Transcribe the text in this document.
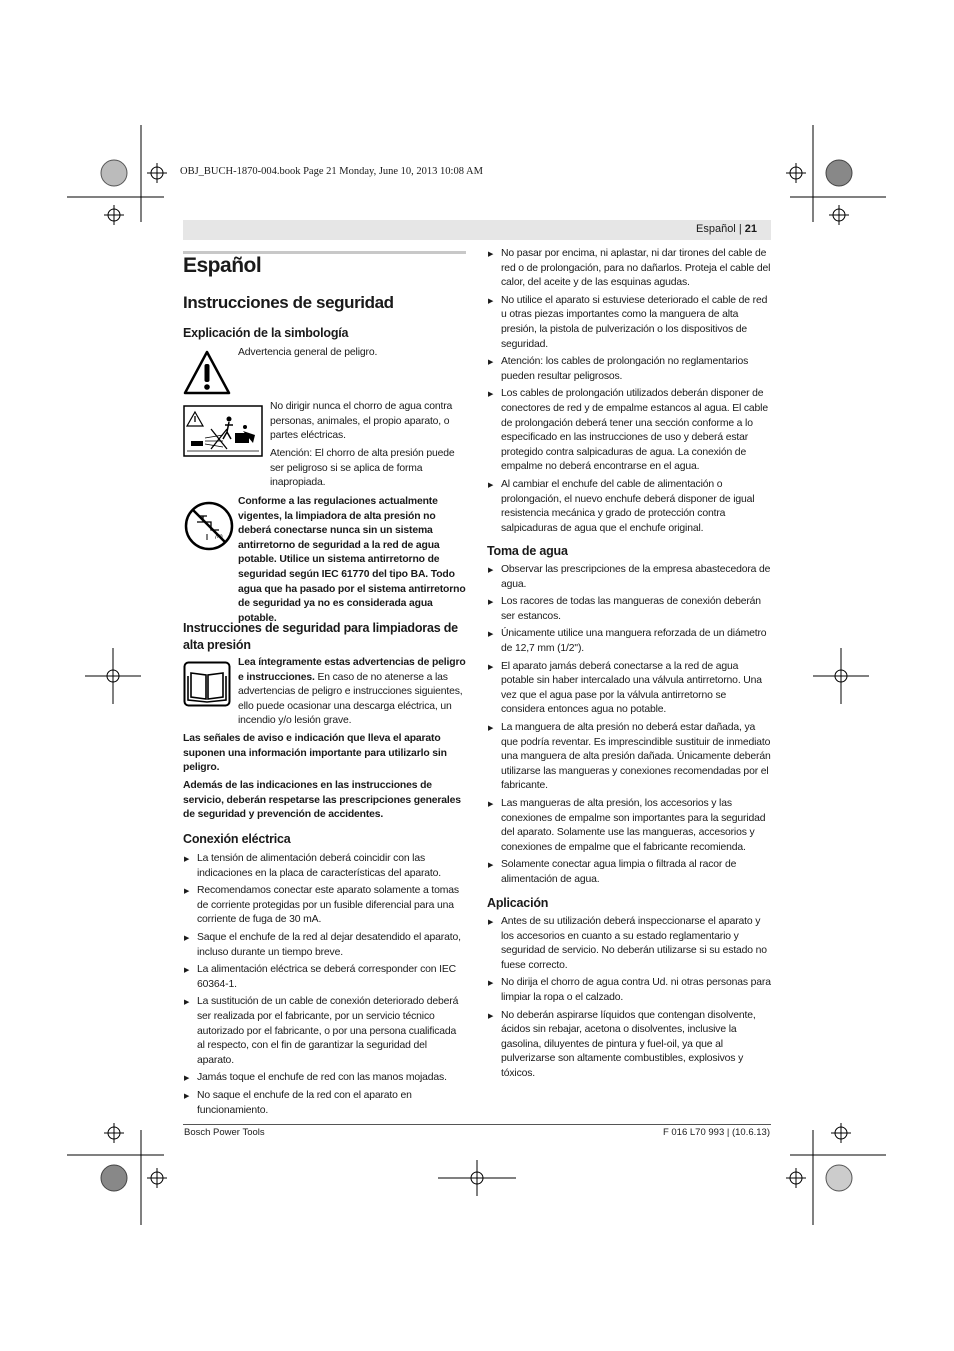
OBJ_BUCH-1870-004.book Page 21 Monday, June 10, 2013 10:08 AM
Español | 21
Español
Instrucciones de seguridad
Explicación de la simbología
Advertencia general de peligro.
No dirigir nunca el chorro de agua contra personas, animales, el propio aparato, o partes eléctricas.
Atención: El chorro de alta presión puede ser peligroso si se aplica de forma inapropiada.
/m
Conforme a las regulaciones actualmente vigentes, la limpiadora de alta presión no deberá conectarse nunca sin un sistema antirretorno de seguridad a la red de agua potable. Utilice un sistema antirretorno de seguridad según IEC 61770 del tipo BA. Todo agua que ha pasado por el sistema antirretorno de seguridad ya no es considerada agua potable.
Instrucciones de seguridad para limpiadoras de alta presión
Lea íntegramente estas advertencias de peligro e instrucciones. En caso de no atenerse a las advertencias de peligro e instrucciones siguientes, ello puede ocasionar una descarga eléctrica, un incendio y/o lesión grave.
Las señales de aviso e indicación que lleva el aparato suponen una información importante para utilizarlo sin peligro.
Además de las indicaciones en las instrucciones de servicio, deberán respetarse las prescripciones generales de seguridad y prevención de accidentes.
Conexión eléctrica
▶ La tensión de alimentación deberá coincidir con las indicaciones en la placa de características del aparato.
▶ Recomendamos conectar este aparato solamente a tomas de corriente protegidas por un fusible diferencial para una corriente de fuga de 30 mA.
▶ Saque el enchufe de la red al dejar desatendido el aparato, incluso durante un tiempo breve.
▶ La alimentación eléctrica se deberá corresponder con IEC 60364-1.
▶ La sustitución de un cable de conexión deteriorado deberá ser realizada por el fabricante, por un servicio técnico autorizado por el fabricante, o por una persona cualificada al respecto, con el fin de garantizar la seguridad del aparato.
▶ Jamás toque el enchufe de red con las manos mojadas.
▶ No saque el enchufe de la red con el aparato en funcionamiento.
▶ No pasar por encima, ni aplastar, ni dar tirones del cable de red o de prolongación, para no dañarlos. Proteja el cable del calor, del aceite y de las esquinas agudas.
▶ No utilice el aparato si estuviese deteriorado el cable de red u otras piezas importantes como la manguera de alta presión, la pistola de pulverización o los dispositivos de seguridad.
▶ Atención: los cables de prolongación no reglamentarios pueden resultar peligrosos.
▶ Los cables de prolongación utilizados deberán disponer de conectores de red y de empalme estancos al agua. El cable de prolongación deberá tener una sección conforme a lo especificado en las instrucciones de uso y deberá estar protegido contra salpicaduras de agua. La conexión de empalme no deberá encontrarse en el agua.
▶ Al cambiar el enchufe del cable de alimentación o prolongación, el nuevo enchufe deberá disponer de igual resistencia mecánica y grado de protección contra salpicaduras de agua que el enchufe original.
Toma de agua
▶ Observar las prescripciones de la empresa abastecedora de agua.
▶ Los racores de todas las mangueras de conexión deberán ser estancos.
▶ Únicamente utilice una manguera reforzada de un diámetro de 12,7 mm (1/2").
▶ El aparato jamás deberá conectarse a la red de agua potable sin haber intercalado una válvula antirretorno. Una vez que el agua pase por la válvula antirretorno se considera entonces agua no potable.
▶ La manguera de alta presión no deberá estar dañada, ya que podría reventar. Es imprescindible sustituir de inmediato una manguera de alta presión dañada. Únicamente deberán utilizarse las mangueras y conexiones recomendadas por el fabricante.
▶ Las mangueras de alta presión, los accesorios y las conexiones de empalme son importantes para la seguridad del aparato. Solamente use las mangueras, accesorios y conexiones de empalme que el fabricante recomienda.
▶ Solamente conectar agua limpia o filtrada al racor de alimentación de agua.
Aplicación
▶ Antes de su utilización deberá inspeccionarse el aparato y los accesorios en cuanto a su estado reglamentario y seguridad de servicio. No deberán utilizarse si su estado no fuese correcto.
▶ No dirija el chorro de agua contra Ud. ni otras personas para limpiar la ropa o el calzado.
▶ No deberán aspirarse líquidos que contengan disolvente, ácidos sin rebajar, acetona o disolventes, inclusive la gasolina, diluyentes de pintura y fuel-oil, ya que al pulverizarse son altamente combustibles, explosivos y tóxicos.
Bosch Power Tools	F 016 L70 993 | (10.6.13)
